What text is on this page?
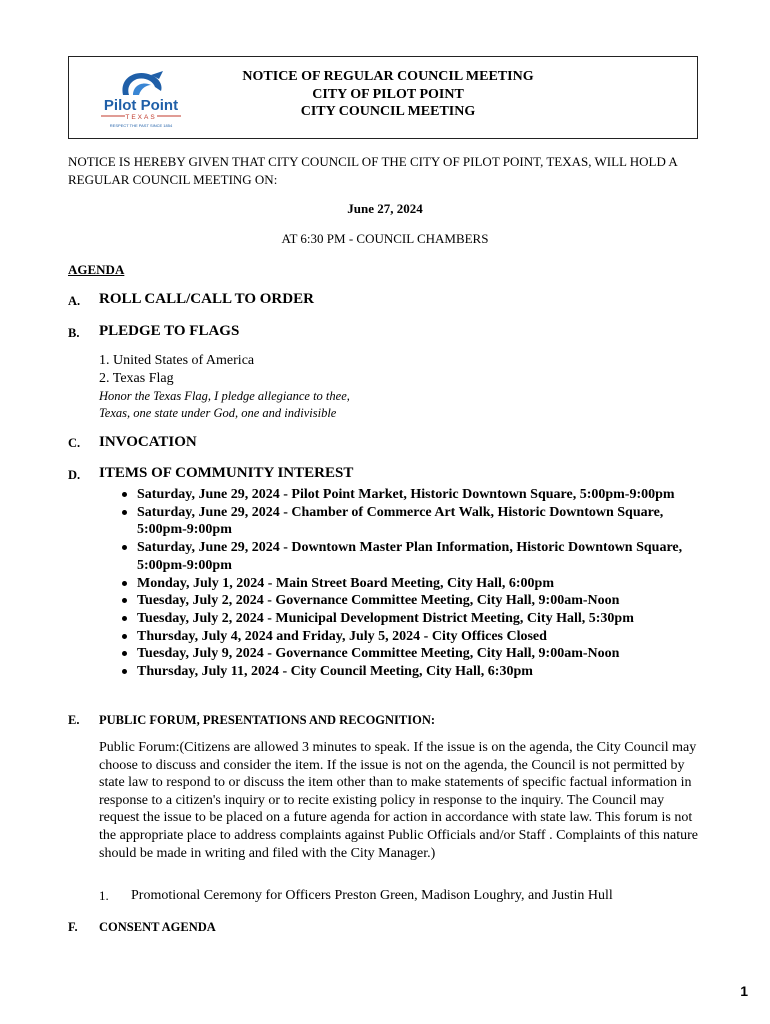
Pilot Point
TEXAS
RESPECT THE PAST SINCE 1854
NOTICE OF REGULAR COUNCIL MEETING
CITY OF PILOT POINT
CITY COUNCIL MEETING
NOTICE IS HEREBY GIVEN THAT CITY COUNCIL OF THE CITY OF PILOT POINT, TEXAS, WILL HOLD A REGULAR COUNCIL MEETING ON:
June 27, 2024
AT 6:30 PM - COUNCIL CHAMBERS
AGENDA
A. ROLL CALL/CALL TO ORDER
B. PLEDGE TO FLAGS
1. United States of America
2. Texas Flag
Honor the Texas Flag, I pledge allegiance to thee,
Texas, one state under God, one and indivisible
C. INVOCATION
D. ITEMS OF COMMUNITY INTEREST
Saturday, June 29, 2024 - Pilot Point Market, Historic Downtown Square, 5:00pm-9:00pm
Saturday, June 29, 2024 - Chamber of Commerce Art Walk, Historic Downtown Square, 5:00pm-9:00pm
Saturday, June 29, 2024 - Downtown Master Plan Information, Historic Downtown Square, 5:00pm-9:00pm
Monday, July 1, 2024 - Main Street Board Meeting, City Hall, 6:00pm
Tuesday, July 2, 2024 - Governance Committee Meeting, City Hall, 9:00am-Noon
Tuesday, July 2, 2024 - Municipal Development District Meeting, City Hall, 5:30pm
Thursday, July 4, 2024 and Friday, July 5, 2024 - City Offices Closed
Tuesday, July 9, 2024 - Governance Committee Meeting, City Hall, 9:00am-Noon
Thursday, July 11, 2024 - City Council Meeting, City Hall, 6:30pm
E. PUBLIC FORUM, PRESENTATIONS AND RECOGNITION:
Public Forum:(Citizens are allowed 3 minutes to speak. If the issue is on the agenda, the City Council may choose to discuss and consider the item. If the issue is not on the agenda, the Council is not permitted by state law to respond to or discuss the item other than to make statements of specific factual information in response to a citizen's inquiry or to recite existing policy in response to the inquiry. The Council may request the issue to be placed on a future agenda for action in accordance with state law. This forum is not the appropriate place to address complaints against Public Officials and/or Staff . Complaints of this nature should be made in writing and filed with the City Manager.)
1. Promotional Ceremony for Officers Preston Green, Madison Loughry, and Justin Hull
F. CONSENT AGENDA
1
